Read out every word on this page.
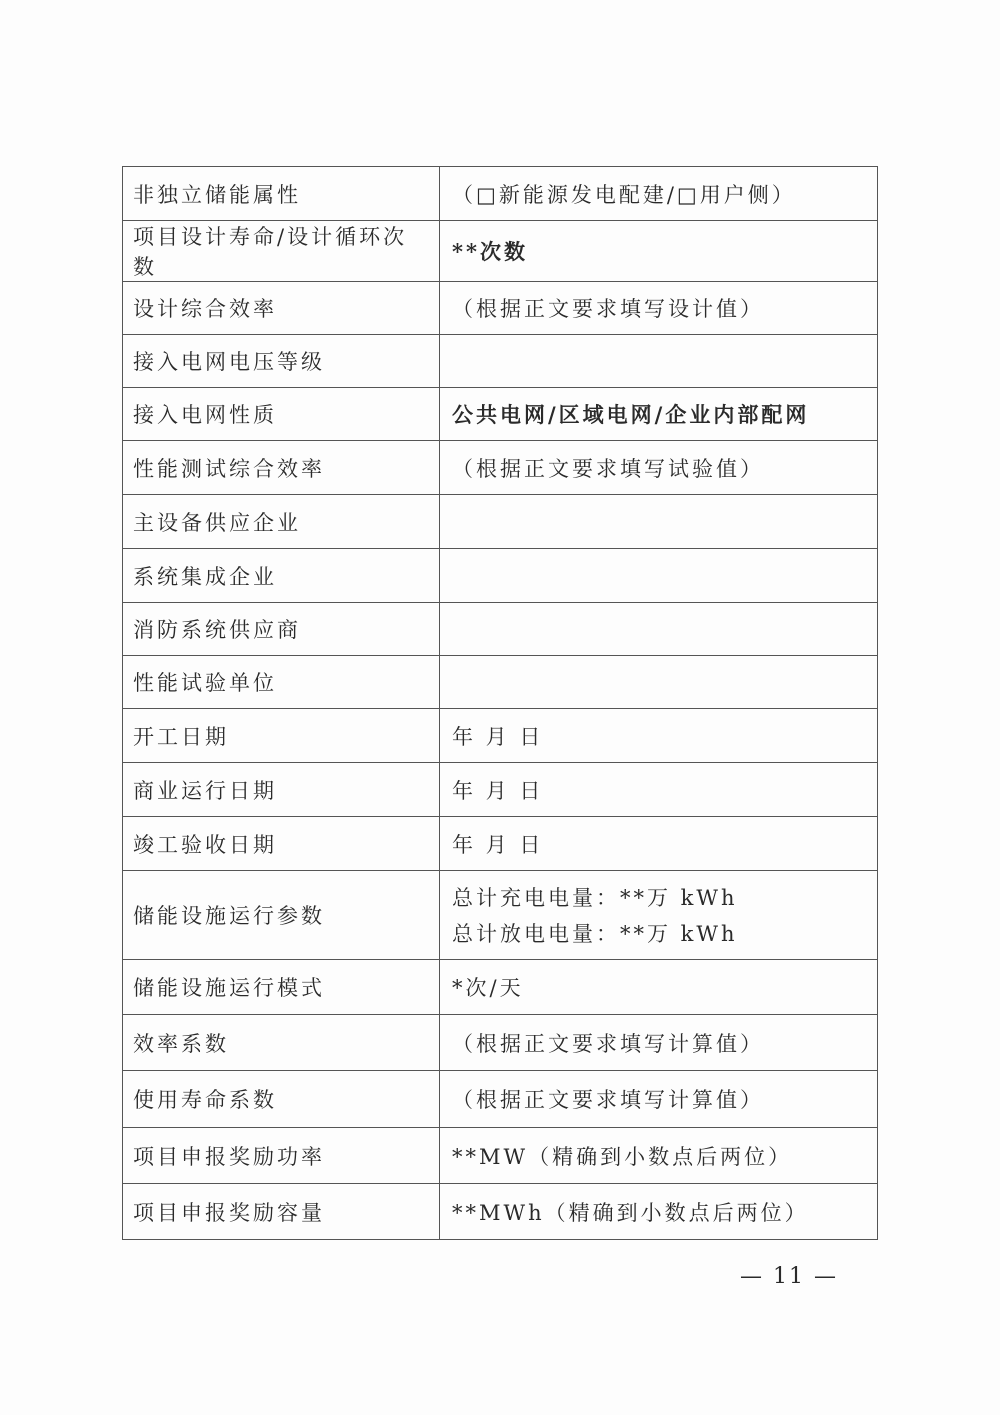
非独立储能属性	（□新能源发电配建/□用户侧）

项目设计寿命/设计循环次数	**次数

设计综合效率	（根据正文要求填写设计值）

接入电网电压等级	

接入电网性质	公共电网/区域电网/企业内部配网

性能测试综合效率	（根据正文要求填写试验值）

主设备供应企业	

系统集成企业	

消防系统供应商	

性能试验单位	

开工日期	年 月 日

商业运行日期	年 月 日

竣工验收日期	年 月 日

储能设施运行参数	总计充电电量：**万 kWh
总计放电电量：**万 kWh

储能设施运行模式	*次/天

效率系数	（根据正文要求填写计算值）

使用寿命系数	（根据正文要求填写计算值）

项目申报奖励功率	**MW（精确到小数点后两位）

项目申报奖励容量	**MWh（精确到小数点后两位）
— 11 —
